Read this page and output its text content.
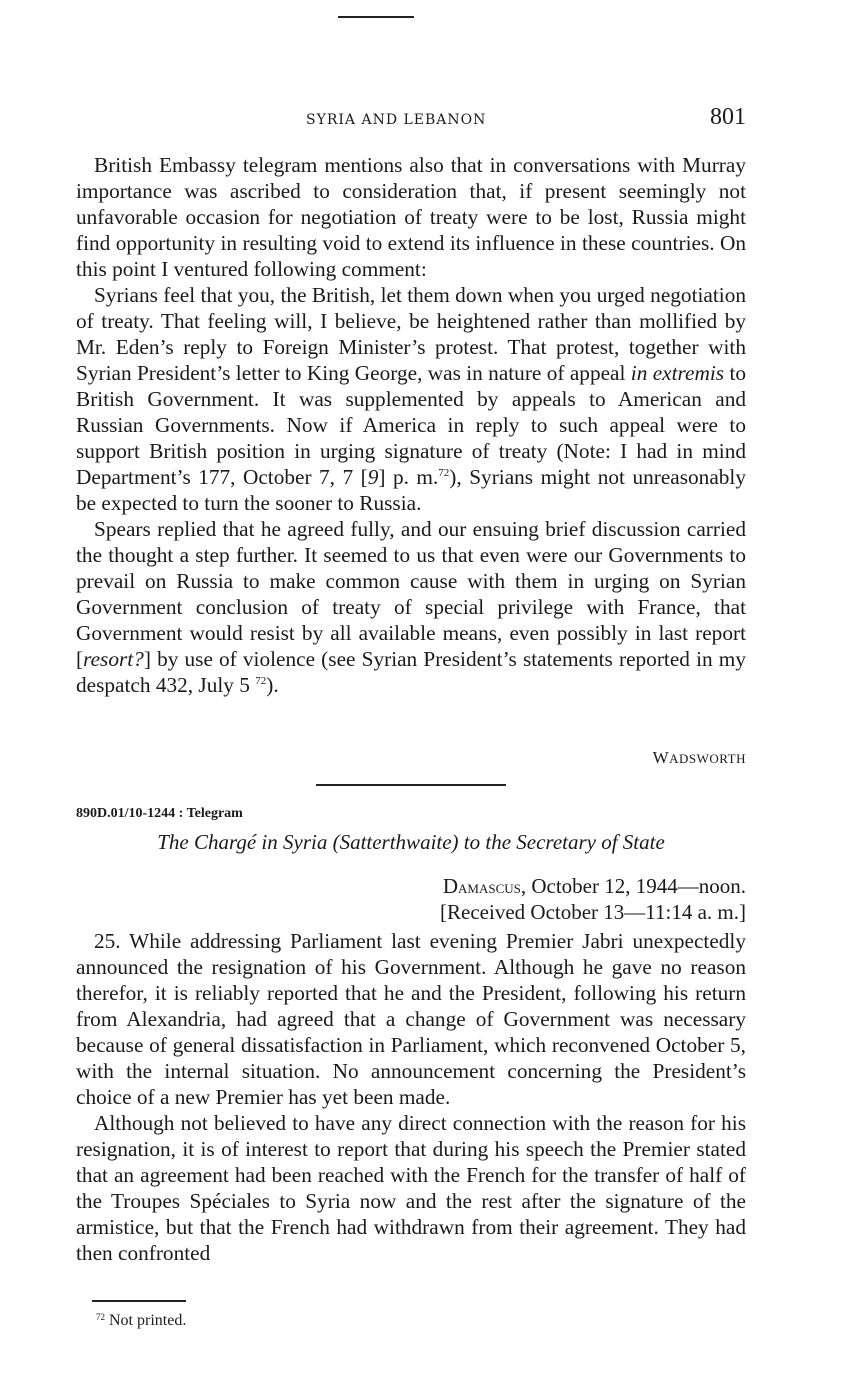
SYRIA AND LEBANON	801

British Embassy telegram mentions also that in conversations with Murray importance was ascribed to consideration that, if present seemingly not unfavorable occasion for negotiation of treaty were to be lost, Russia might find opportunity in resulting void to extend its influence in these countries. On this point I ventured following comment:

Syrians feel that you, the British, let them down when you urged negotiation of treaty. That feeling will, I believe, be heightened rather than mollified by Mr. Eden’s reply to Foreign Minister’s protest. That protest, together with Syrian President’s letter to King George, was in nature of appeal in extremis to British Government. It was supplemented by appeals to American and Russian Governments. Now if America in reply to such appeal were to support British position in urging signature of treaty (Note: I had in mind Department’s 177, October 7, 7 [9] p. m.$^{72}$), Syrians might not unreasonably be expected to turn the sooner to Russia.

Spears replied that he agreed fully, and our ensuing brief discussion carried the thought a step further. It seemed to us that even were our Governments to prevail on Russia to make common cause with them in urging on Syrian Government conclusion of treaty of special privilege with France, that Government would resist by all available means, even possibly in last report [resort?] by use of violence (see Syrian President’s statements reported in my despatch 432, July 5 $^{72}$).

WADSWORTH
890D.01/10-1244 : Telegram
The Chargé in Syria (Satterthwaite) to the Secretary of State
DAMASCUS, October 12, 1944—noon.
[Received October 13—11:14 a. m.]

25. While addressing Parliament last evening Premier Jabri unexpectedly announced the resignation of his Government. Although he gave no reason therefor, it is reliably reported that he and the President, following his return from Alexandria, had agreed that a change of Government was necessary because of general dissatisfaction in Parliament, which reconvened October 5, with the internal situation. No announcement concerning the President’s choice of a new Premier has yet been made.

Although not believed to have any direct connection with the reason for his resignation, it is of interest to report that during his speech the Premier stated that an agreement had been reached with the French for the transfer of half of the Troupes Spéciales to Syria now and the rest after the signature of the armistice, but that the French had withdrawn from their agreement. They had then confronted

$^{72}$ Not printed.
